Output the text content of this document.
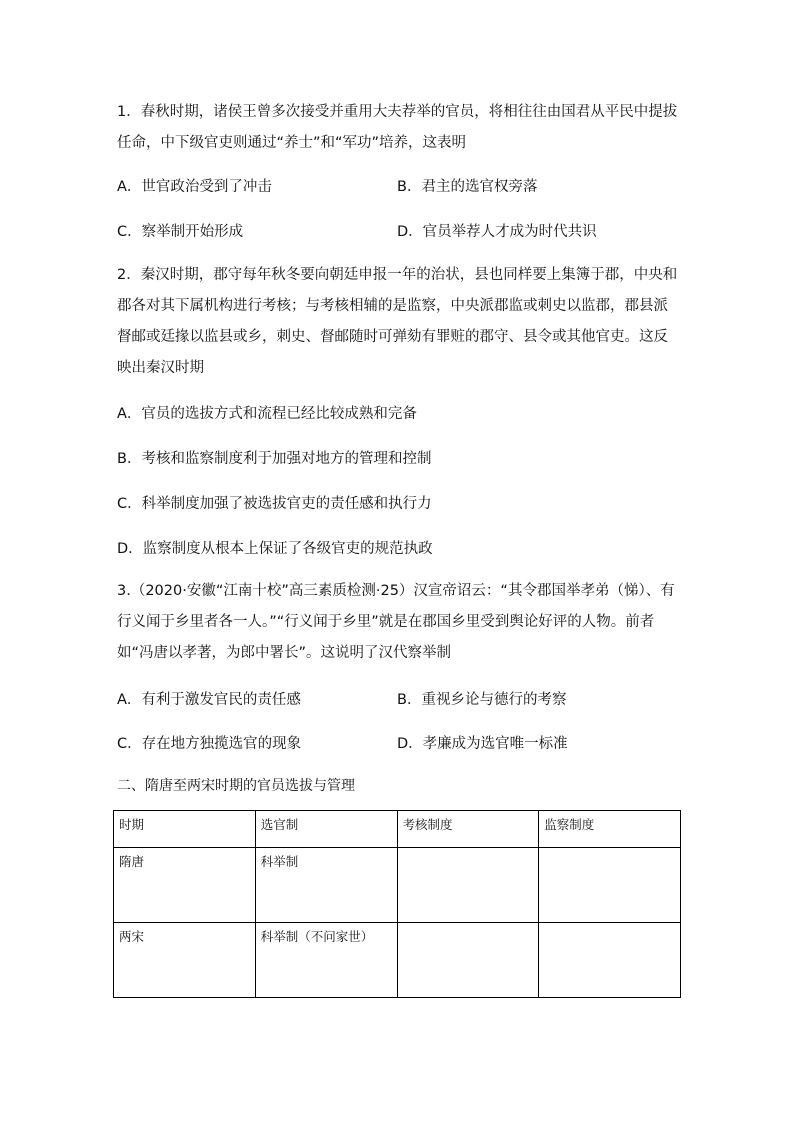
1．春秋时期，诸侯王曾多次接受并重用大夫荐举的官员，将相往往由国君从平民中提拔任命，中下级官吏则通过“养士”和“军功”培养，这表明

A．世官政治受到了冲击	B．君主的选官权旁落

C．察举制开始形成	D．官员举荐人才成为时代共识

2．秦汉时期，郡守每年秋冬要向朝廷申报一年的治状，县也同样要上集簿于郡，中央和郡各对其下属机构进行考核；与考核相辅的是监察，中央派郡监或刺史以监郡，郡县派督邮或廷掾以监县或乡，刺史、督邮随时可弹劾有罪赃的郡守、县令或其他官吏。这反映出秦汉时期

A．官员的选拔方式和流程已经比较成熟和完备

B．考核和监察制度利于加强对地方的管理和控制

C．科举制度加强了被选拔官吏的责任感和执行力

D．监察制度从根本上保证了各级官吏的规范执政

3.（2020·安徽“江南十校”高三素质检测·25）汉宣帝诏云：“其令郡国举孝弟（悌）、有行义闻于乡里者各一人。”“行义闻于乡里”就是在郡国乡里受到舆论好评的人物。前者如“冯唐以孝著，为郎中署长”。这说明了汉代察举制

A．有利于激发官民的责任感	B．重视乡论与德行的考察

C．存在地方独揽选官的现象	D．孝廉成为选官唯一标准

二、隋唐至两宋时期的官员选拔与管理

时期	选官制	考核制度	监察制度
隋唐	科举制		
两宋	科举制（不问家世）		
